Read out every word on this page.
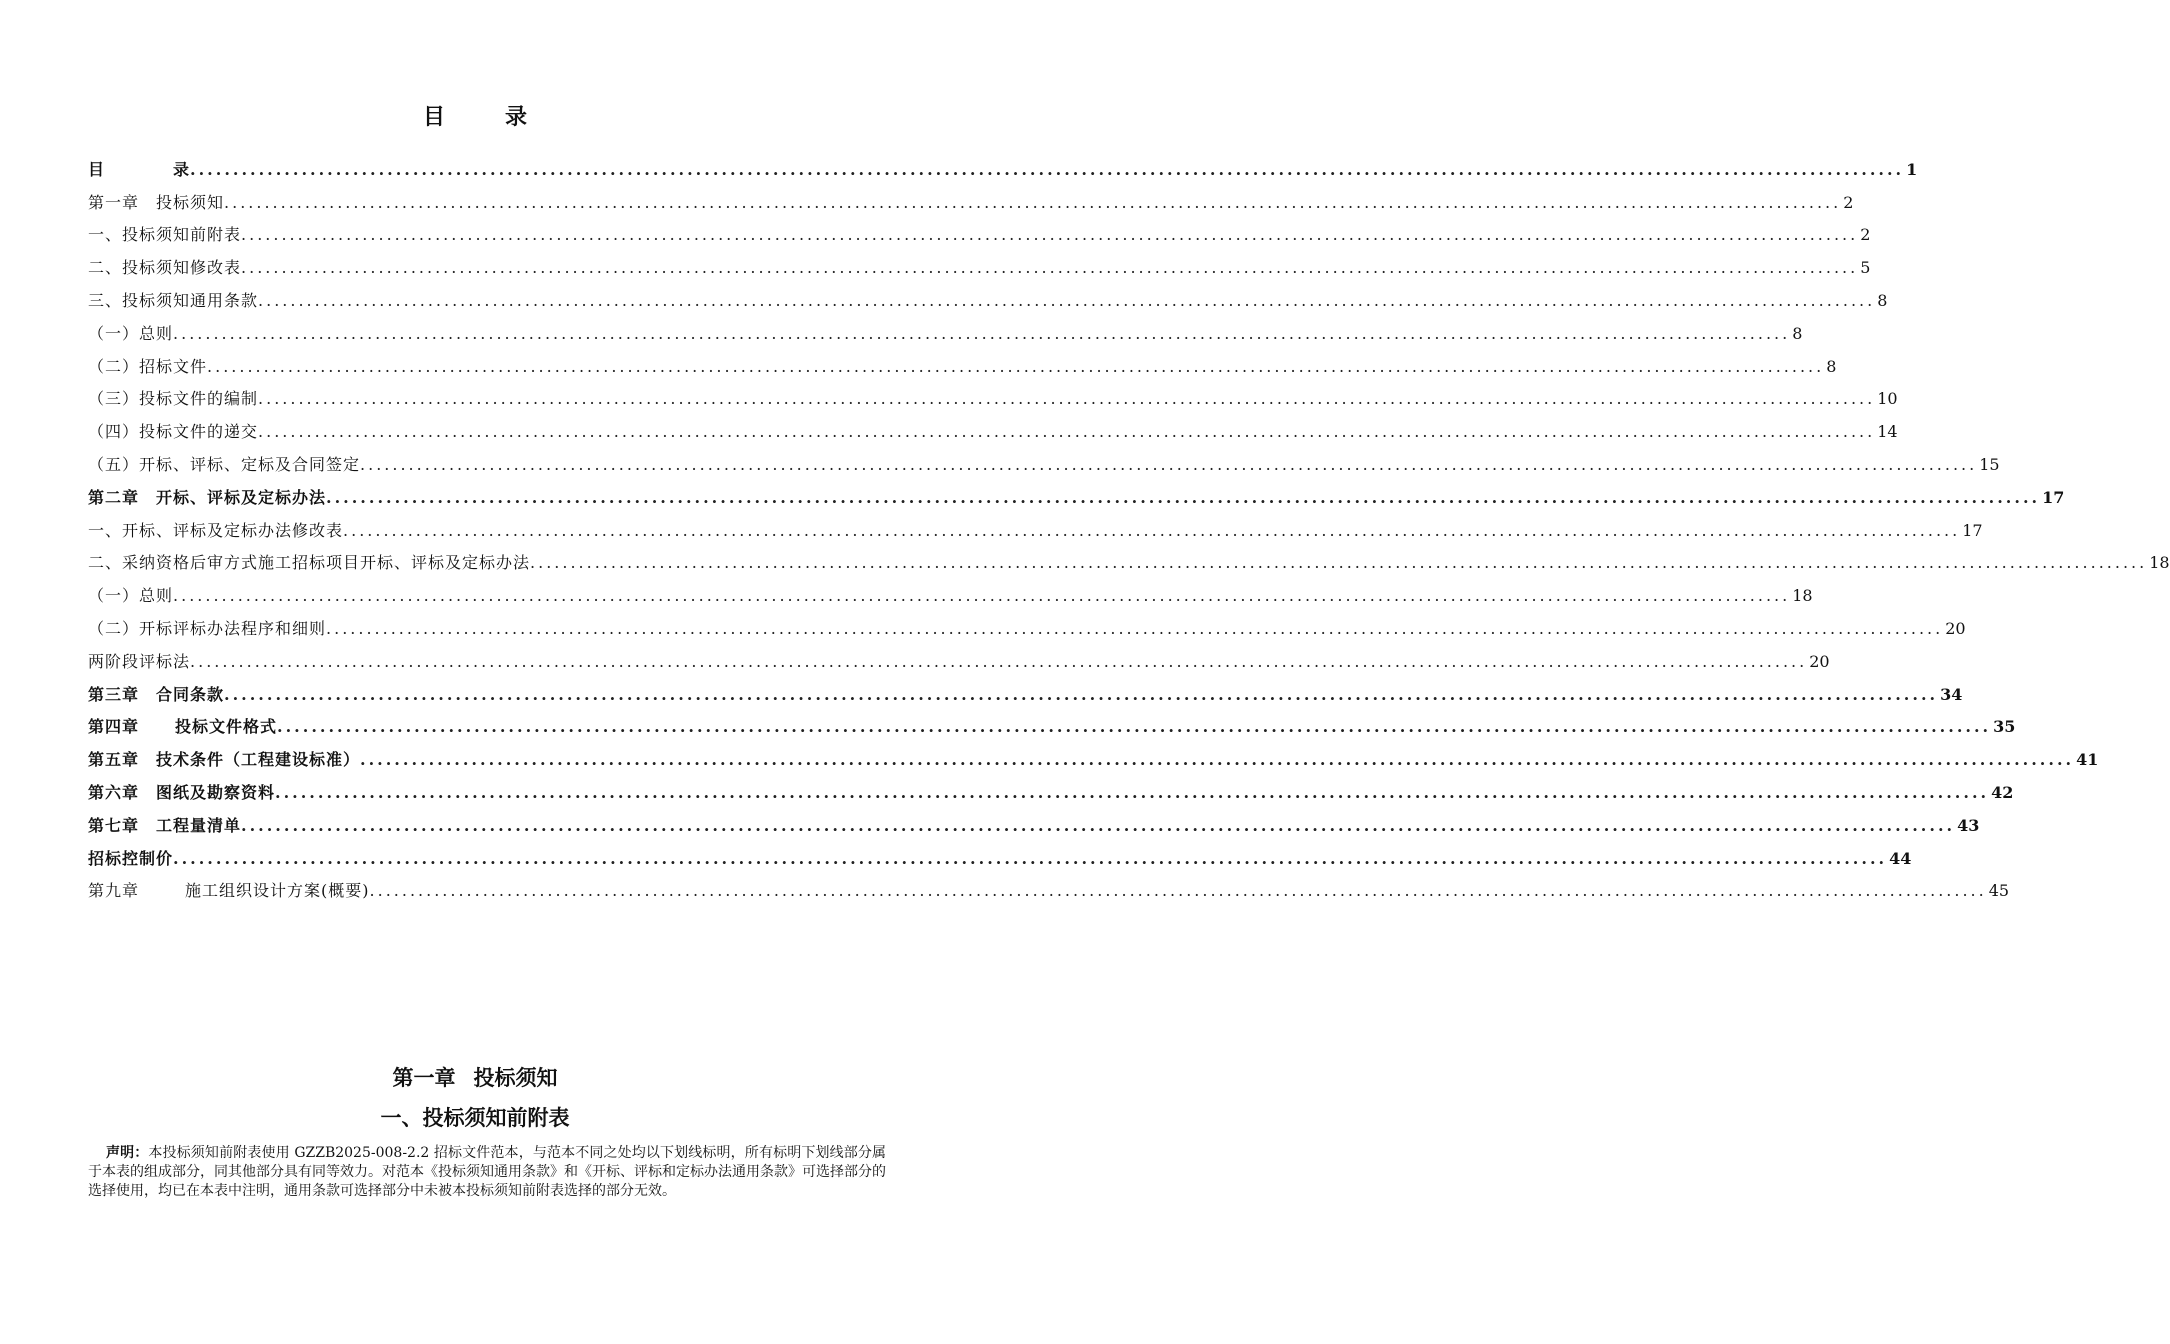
目	录
目	录 ........................................................................................................................................................................................................ 1
第一章　投标须知 ........................................................................................................................................................................................................ 2
一、投标须知前附表 ........................................................................................................................................................................................................ 2
二、投标须知修改表 ........................................................................................................................................................................................................ 5
三、投标须知通用条款 ........................................................................................................................................................................................................ 8
（一）总则 ........................................................................................................................................................................................................ 8
（二）招标文件 ........................................................................................................................................................................................................ 8
（三）投标文件的编制 ........................................................................................................................................................................................................ 10
（四）投标文件的递交 ........................................................................................................................................................................................................ 14
（五）开标、评标、定标及合同签定 ........................................................................................................................................................................................................ 15
第二章　开标、评标及定标办法 ........................................................................................................................................................................................................ 17
一、开标、评标及定标办法修改表 ........................................................................................................................................................................................................ 17
二、采纳资格后审方式施工招标项目开标、评标及定标办法 ........................................................................................................................................................................................................ 18
（一）总则 ........................................................................................................................................................................................................ 18
（二）开标评标办法程序和细则 ........................................................................................................................................................................................................ 20
两阶段评标法 ........................................................................................................................................................................................................ 20
第三章　合同条款 ........................................................................................................................................................................................................ 34
第四章 投标文件格式 ........................................................................................................................................................................................................ 35
第五章　技术条件（工程建设标准） ........................................................................................................................................................................................................ 41
第六章　图纸及勘察资料 ........................................................................................................................................................................................................ 42
第七章　工程量清单 ........................................................................................................................................................................................................ 43
招标控制价 ........................................................................................................................................................................................................ 44
第九章	施工组织设计方案(概要) ........................................................................................................................................................................................................ 45
第一章 投标须知
一、投标须知前附表
声明：本投标须知前附表使用 GZZB2025-008-2.2 招标文件范本，与范本不同之处均以下划线标明，所有标明下划线部分属于本表的组成部分，同其他部分具有同等效力。对范本《投标须知通用条款》和《开标、评标和定标办法通用条款》可选择部分的选择使用，均已在本表中注明，通用条款可选择部分中未被本投标须知前附表选择的部分无效。
